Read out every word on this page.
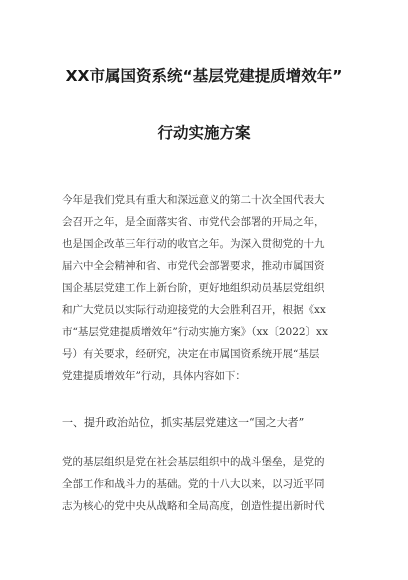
XX市属国资系统“基层党建提质增效年”
行动实施方案
今年是我们党具有重大和深远意义的第二十次全国代表大
会召开之年，是全面落实省、市党代会部署的开局之年，
也是国企改革三年行动的收官之年。为深入贯彻党的十九
届六中全会精神和省、市党代会部署要求，推动市属国资
国企基层党建工作上新台阶，更好地组织动员基层党组织
和广大党员以实际行动迎接党的大会胜利召开，根据《xx
市“基层党建提质增效年”行动实施方案》（xx〔2022〕xx
号）有关要求，经研究，决定在市属国资系统开展“基层
党建提质增效年”行动，具体内容如下：
一、提升政治站位，抓实基层党建这一“国之大者”
党的基层组织是党在社会基层组织中的战斗堡垒，是党的
全部工作和战斗力的基础。党的十八大以来，以习近平同
志为核心的党中央从战略和全局高度，创造性提出新时代
